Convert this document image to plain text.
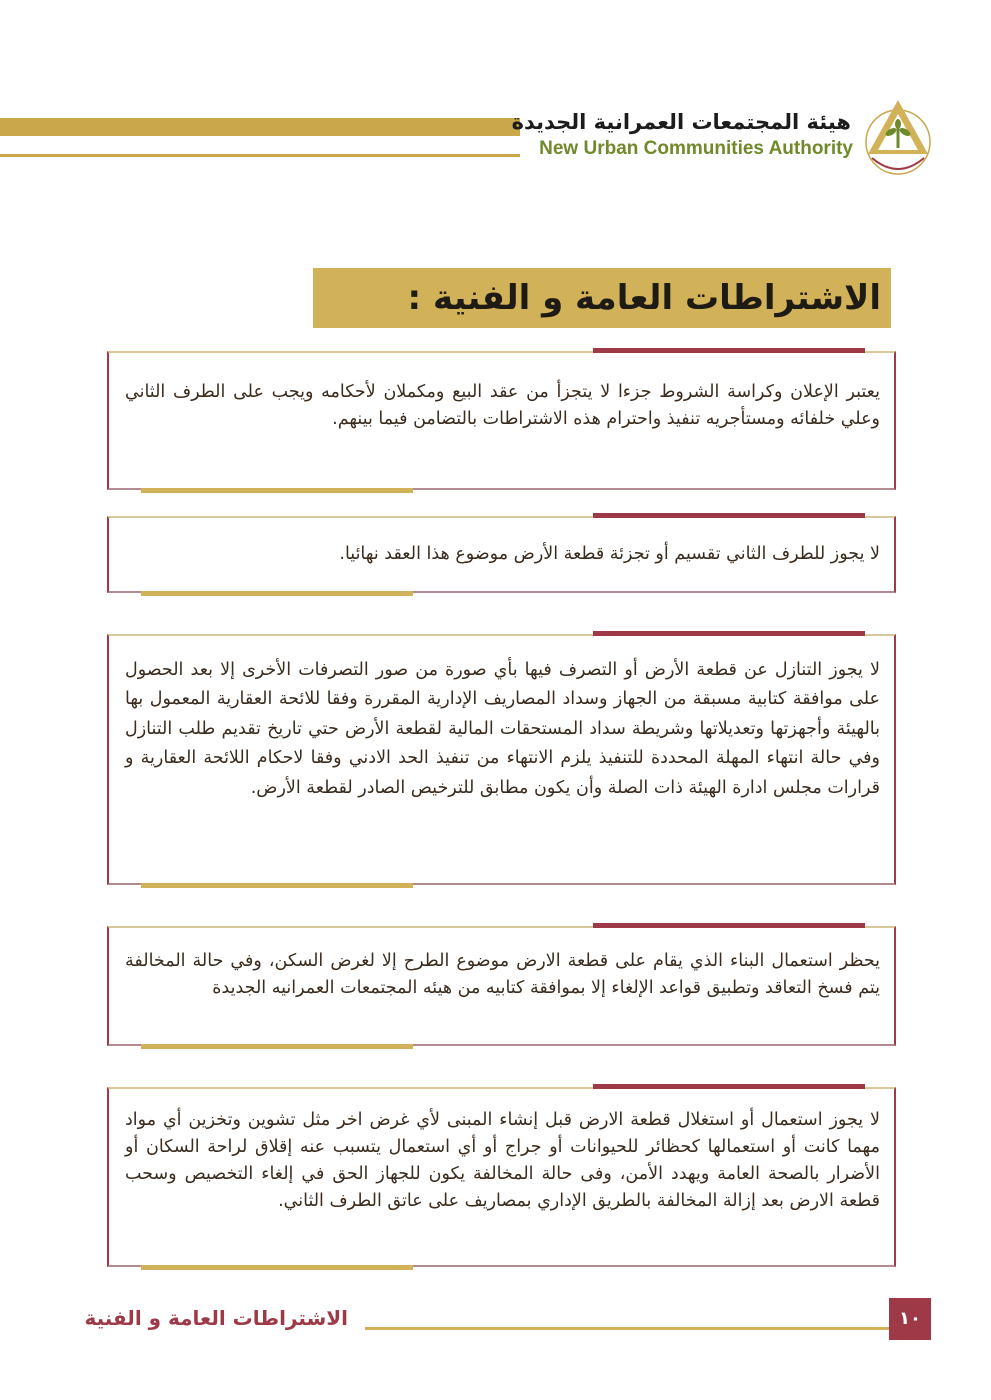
هيئة المجتمعات العمرانية الجديدة
New Urban Communities Authority
الاشتراطات العامة و الفنية :

يعتبر الإعلان وكراسة الشروط جزءا لا يتجزأ من عقد البيع ومكملان لأحكامه ويجب على الطرف الثاني وعلي خلفائه ومستأجريه تنفيذ واحترام هذه الاشتراطات بالتضامن فيما بينهم.

لا يجوز للطرف الثاني تقسيم أو تجزئة قطعة الأرض موضوع هذا العقد نهائيا.

لا يجوز التنازل عن قطعة الأرض أو التصرف فيها بأي صورة من صور التصرفات الأخرى إلا بعد الحصول على موافقة كتابية مسبقة من الجهاز وسداد المصاريف الإدارية المقررة وفقا للائحة العقارية المعمول بها بالهيئة وأجهزتها وتعديلاتها وشريطة سداد المستحقات المالية لقطعة الأرض حتي تاريخ تقديم طلب التنازل وفي حالة انتهاء المهلة المحددة للتنفيذ يلزم الانتهاء من تنفيذ الحد الادني وفقا لاحكام اللائحة العقارية و قرارات مجلس ادارة الهيئة ذات الصلة وأن يكون مطابق للترخيص الصادر لقطعة الأرض.

يحظر استعمال البناء الذي يقام على قطعة الارض موضوع الطرح إلا لغرض السكن، وفي حالة المخالفة يتم فسخ التعاقد وتطبيق قواعد الإلغاء إلا بموافقة كتابيه من هيئه المجتمعات العمرانيه الجديدة

لا يجوز استعمال أو استغلال قطعة الارض قبل إنشاء المبنى لأي غرض اخر مثل تشوين وتخزين أي مواد مهما كانت أو استعمالها كحظائر للحيوانات أو جراج أو أي استعمال يتسبب عنه إقلاق لراحة السكان أو الأضرار بالصحة العامة ويهدد الأمن، وفى حالة المخالفة يكون للجهاز الحق في إلغاء التخصيص وسحب قطعة الارض بعد إزالة المخالفة بالطريق الإداري بمصاريف على عاتق الطرف الثاني.

الاشتراطات العامة و الفنية	١٠
